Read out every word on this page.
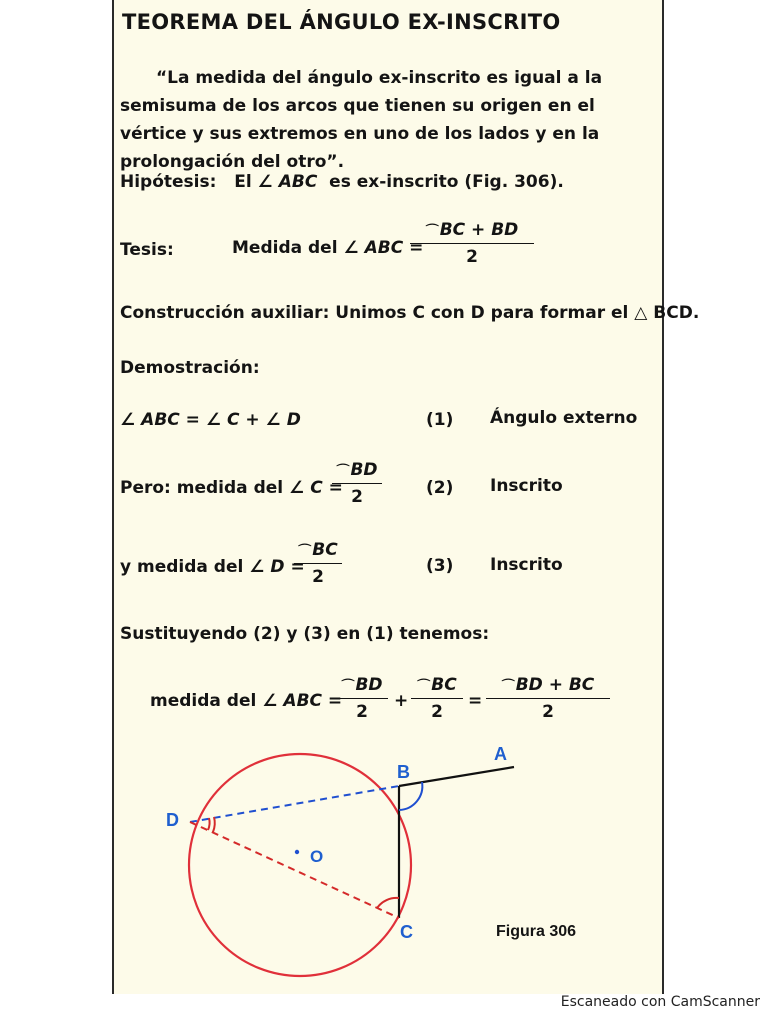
TEOREMA DEL ÁNGULO EX-INSCRITO
“La medida del ángulo ex-inscrito es igual a la semisuma de los arcos que tienen su origen en el vértice y sus extremos en uno de los lados y en la prolongación del otro”.
Hipótesis: El ∠ ABC es ex-inscrito (Fig. 306).
Tesis:	Medida del ∠ ABC =
$\frac{⌒BC + BD}{2}$
Construcción auxiliar: Unimos C con D para formar el △ BCD.
Demostración:
∠ ABC = ∠ C + ∠ D	(1) Ángulo externo
Pero: medida del ∠ C =
$\frac{⌒BD}{2}$	(2) Inscrito
y medida del ∠ D =
$\frac{⌒BC}{2}$	(3) Inscrito
Sustituyendo (2) y (3) en (1) tenemos:
medida del ∠ ABC =
$\frac{⌒BD}{2} + \frac{⌒BC}{2} = \frac{⌒BD + BC}{2}$
A
B
C
D
O
Figura 306
Escaneado con CamScanner
